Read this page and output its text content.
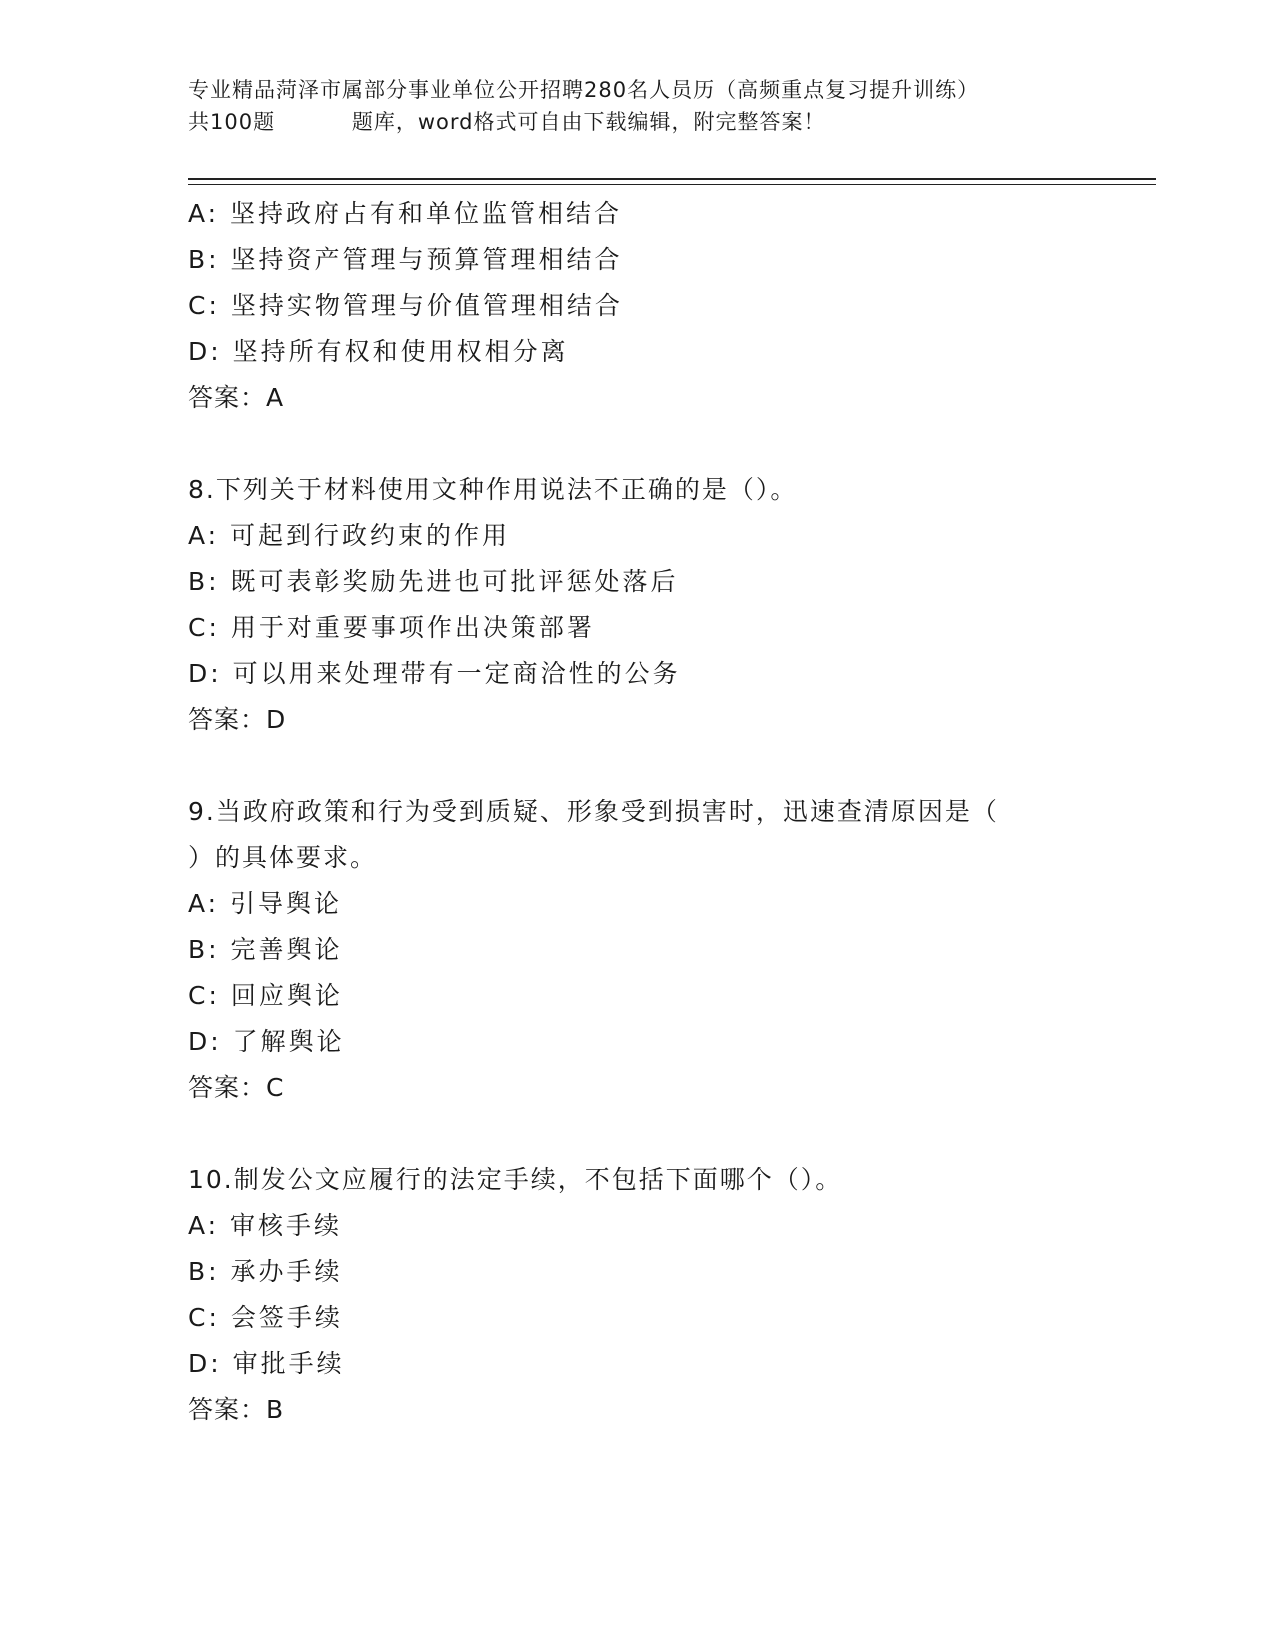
专业精品菏泽市属部分事业单位公开招聘280名人员历（高频重点复习提升训练）
共100题          题库，word格式可自由下载编辑，附完整答案！
A: 坚持政府占有和单位监管相结合
B: 坚持资产管理与预算管理相结合
C: 坚持实物管理与价值管理相结合
D: 坚持所有权和使用权相分离
答案：A
8.下列关于材料使用文种作用说法不正确的是（）。
A: 可起到行政约束的作用
B: 既可表彰奖励先进也可批评惩处落后
C: 用于对重要事项作出决策部署
D: 可以用来处理带有一定商洽性的公务
答案：D
9.当政府政策和行为受到质疑、形象受到损害时，迅速查清原因是（
）的具体要求。
A: 引导舆论
B: 完善舆论
C: 回应舆论
D: 了解舆论
答案：C
10.制发公文应履行的法定手续，不包括下面哪个（）。
A: 审核手续
B: 承办手续
C: 会签手续
D: 审批手续
答案：B
